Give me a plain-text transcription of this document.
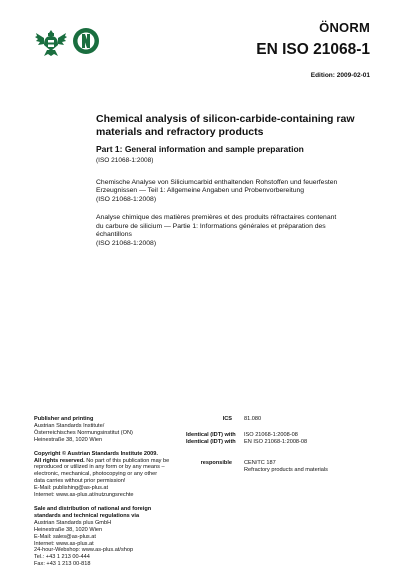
ÖNORM
EN ISO 21068-1
Edition: 2009-02-01
Chemical analysis of silicon-carbide-containing raw
materials and refractory products
Part 1: General information and sample preparation
(ISO 21068-1:2008)
Chemische Analyse von Siliciumcarbid enthaltenden Rohstoffen und feuerfesten
Erzeugnissen — Teil 1: Allgemeine Angaben und Probenvorbereitung
(ISO 21068-1:2008)
Analyse chimique des matières premières et des produits réfractaires contenant
du carbure de silicium — Partie 1: Informations générales et préparation des
échantillons
(ISO 21068-1:2008)
Publisher and printing
Austrian Standards Institute/
Österreichisches Normungsinstitut (ON)
Heinestraße 38, 1020 Wien
Copyright © Austrian Standards Institute 2009.
All rights reserved. No part of this publication may be
reproduced or utilized in any form or by any means –
electronic, mechanical, photocopying or any other
data carries without prior permission!
E-Mail: publishing@as-plus.at
Internet: www.as-plus.at/nutzungsrechte
Sale and distribution of national and foreign
standards and technical regulations via
Austrian Standards plus GmbH
Heinestraße 38, 1020 Wien
E-Mail: sales@as-plus.at
Internet: www.as-plus.at
24-hour-Webshop: www.as-plus.at/shop
Tel.: +43 1 213 00-444
Fax: +43 1 213 00-818
ICS	81.080
Identical (IDT) with	ISO 21068-1:2008-08
Identical (IDT) with	EN ISO 21068-1:2008-08
responsible	CEN/TC 187
Refractory products and materials
